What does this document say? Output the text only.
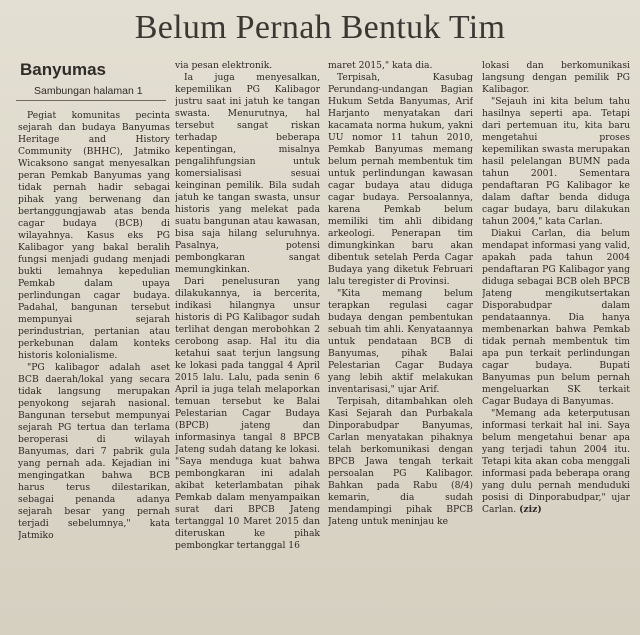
Belum Pernah Bentuk Tim
Banyumas
Sambungan halaman 1

Pegiat komunitas pecinta sejarah dan budaya Banyumas Heritage and History Community (BHHC), Jatmiko Wicaksono sangat menyesalkan peran Pemkab Banyumas yang tidak pernah hadir sebagai pihak yang berwenang dan bertanggungjawab atas benda cagar budaya (BCB) di wilayahnya. Kasus eks PG Kalibagor yang bakal beralih fungsi menjadi gudang menjadi bukti lemahnya kepedulian Pemkab dalam upaya perlindungan cagar budaya. Padahal, bangunan tersebut mempunyai sejarah perindustrian, pertanian atau perkebunan dalam konteks historis kolonialisme.

"PG kalibagor adalah aset BCB daerah/lokal yang secara tidak langsung merupakan penyokong sejarah nasional. Bangunan tersebut mempunyai sejarah PG tertua dan terlama beroperasi di wilayah Banyumas, dari 7 pabrik gula yang pernah ada. Kejadian ini mengingatkan bahwa BCB harus terus dilestarikan, sebagai penanda adanya sejarah besar yang pernah terjadi sebelumnya," kata Jatmiko

via pesan elektronik.

Ia juga menyesalkan, kepemilikan PG Kalibagor justru saat ini jatuh ke tangan swasta. Menurutnya, hal tersebut sangat riskan terhadap beberapa kepentingan, misalnya pengalihfungsian untuk komersialisasi sesuai keinginan pemilik. Bila sudah jatuh ke tangan swasta, unsur historis yang melekat pada suatu bangunan atau kawasan, bisa saja hilang seluruhnya. Pasalnya, potensi pembongkaran sangat memungkinkan.

Dari penelusuran yang dilakukannya, ia bercerita, indikasi hilangnya unsur historis di PG Kalibagor sudah terlihat dengan merobohkan 2 cerobong asap. Hal itu dia ketahui saat terjun langsung ke lokasi pada tanggal 4 April 2015 lalu. Lalu, pada senin 6 April ia juga telah melaporkan temuan tersebut ke Balai Pelestarian Cagar Budaya (BPCB) jateng dan informasinya tangal 8 BPCB Jateng sudah datang ke lokasi. "Saya menduga kuat bahwa pembongkaran ini adalah akibat keterlambatan pihak Pemkab dalam menyampaikan surat dari BPCB Jateng tertanggal 10 Maret 2015 dan diteruskan ke pihak pembongkar tertanggal 16

maret 2015," kata dia.

Terpisah, Kasubag Perundang-undangan Bagian Hukum Setda Banyumas, Arif Harjanto menyatakan dari kacamata norma hukum, yakni UU nomor 11 tahun 2010, Pemkab Banyumas memang belum pernah membentuk tim untuk perlindungan kawasan cagar budaya atau diduga cagar budaya. Persoalannya, karena Pemkab belum memiliki tim ahli dibidang arkeologi. Penerapan tim dimungkinkan baru akan dibentuk setelah Perda Cagar Budaya yang diketuk Februari lalu teregister di Provinsi.

"Kita memang belum terapkan regulasi cagar budaya dengan pembentukan sebuah tim ahli. Kenyataannya untuk pendataan BCB di Banyumas, pihak Balai Pelestarian Cagar Budaya yang lebih aktif melakukan inventarisasi," ujar Arif.

Terpisah, ditambahkan oleh Kasi Sejarah dan Purbakala Dinporabudpar Banyumas, Carlan menyatakan pihaknya telah berkomunikasi dengan BPCB Jawa tengah terkait persoalan PG Kalibagor. Bahkan pada Rabu (8/4) kemarin, dia sudah mendampingi pihak BPCB Jateng untuk meninjau ke

lokasi dan berkomunikasi langsung dengan pemilik PG Kalibagor.

"Sejauh ini kita belum tahu hasilnya seperti apa. Tetapi dari pertemuan itu, kita baru mengetahui proses kepemilikan swasta merupakan hasil pelelangan BUMN pada tahun 2001. Sementara pendaftaran PG Kalibagor ke dalam daftar benda diduga cagar budaya, baru dilakukan tahun 2004," kata Carlan.

Diakui Carlan, dia belum mendapat informasi yang valid, apakah pada tahun 2004 pendaftaran PG Kalibagor yang diduga sebagai BCB oleh BPCB Jateng mengikutsertakan Disporabudpar dalam pendataannya. Dia hanya membenarkan bahwa Pemkab tidak pernah membentuk tim apa pun terkait perlindungan cagar budaya. Bupati Banyumas pun belum pernah mengeluarkan SK terkait Cagar Budaya di Banyumas.

"Memang ada keterputusan informasi terkait hal ini. Saya belum mengetahui benar apa yang terjadi tahun 2004 itu. Tetapi kita akan coba menggali informasi pada beberapa orang yang dulu pernah menduduki posisi di Dinporabudpar," ujar Carlan. (ziz)
